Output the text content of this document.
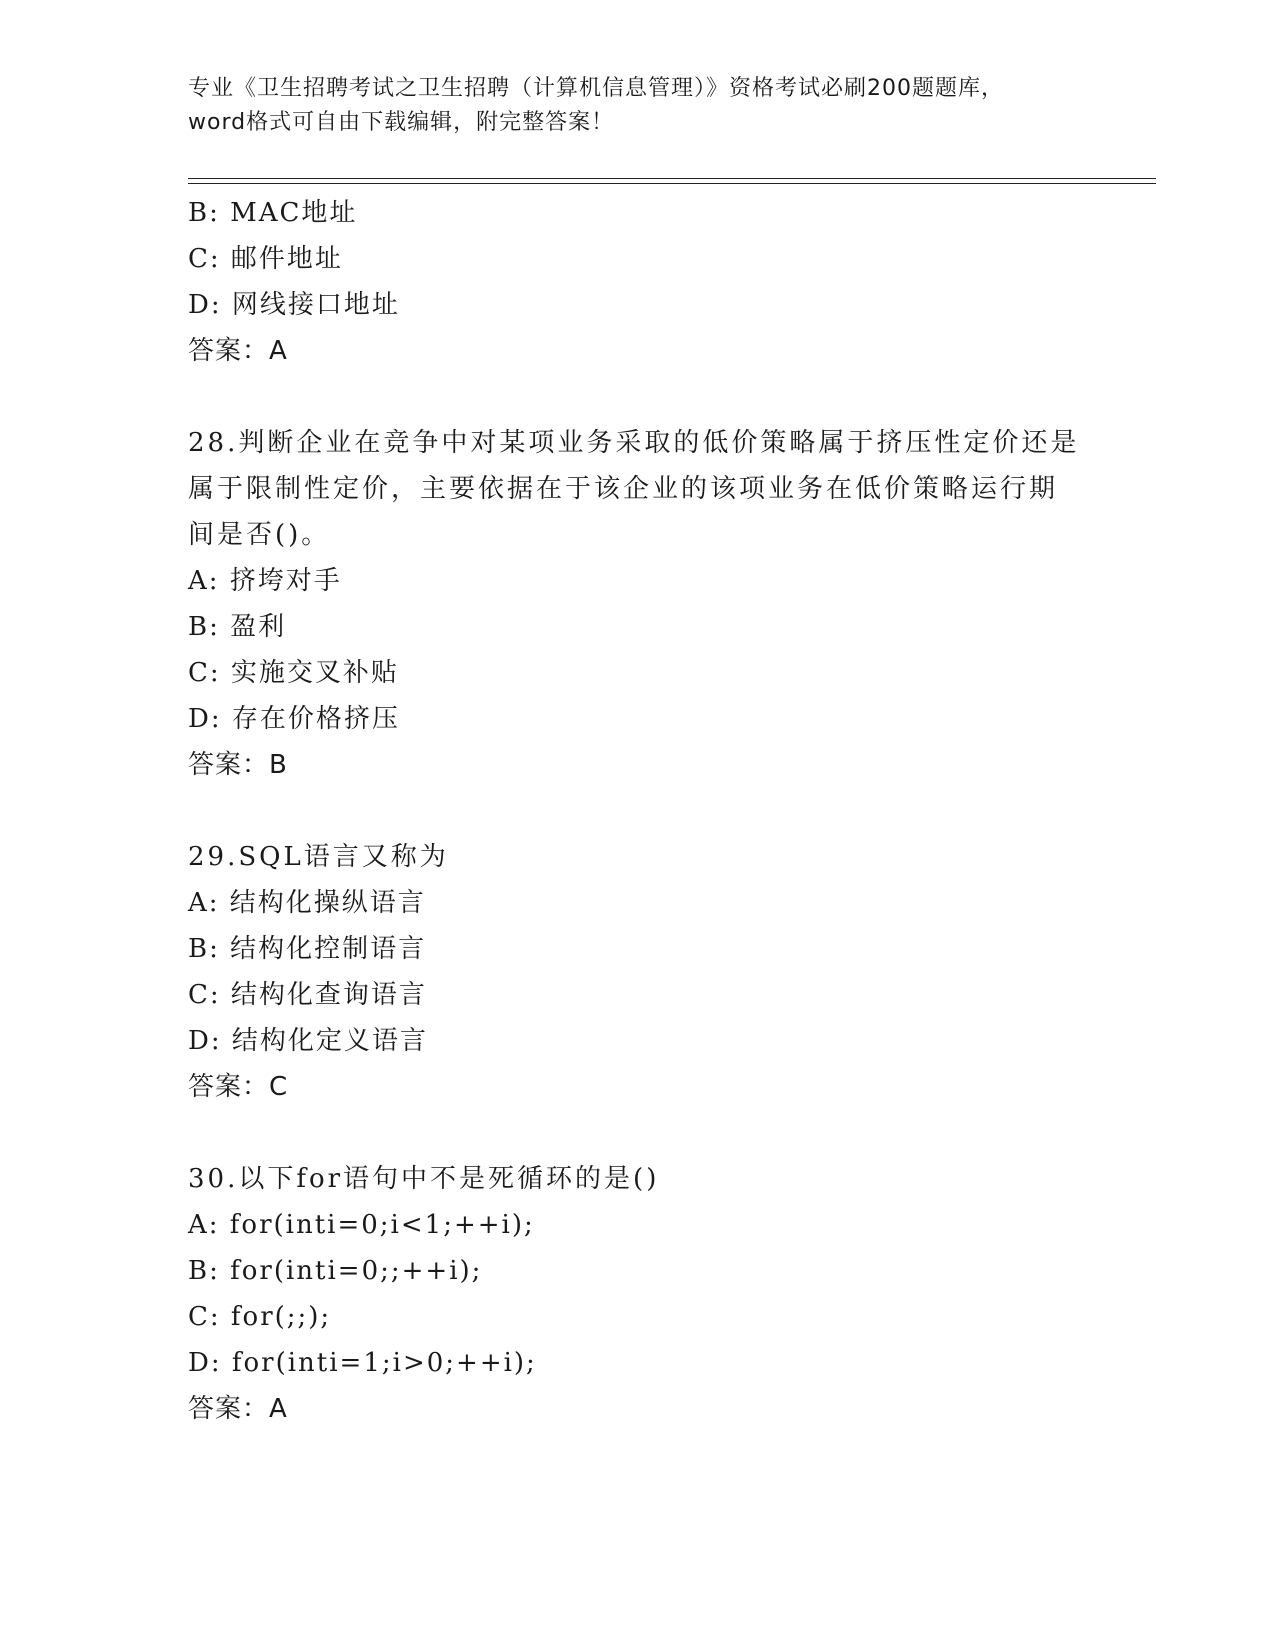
专业《卫生招聘考试之卫生招聘（计算机信息管理）》资格考试必刷200题题库，
word格式可自由下载编辑，附完整答案！
B: MAC地址
C: 邮件地址
D: 网线接口地址
答案：A
28.判断企业在竞争中对某项业务采取的低价策略属于挤压性定价还是
属于限制性定价，主要依据在于该企业的该项业务在低价策略运行期
间是否()。
A: 挤垮对手
B: 盈利
C: 实施交叉补贴
D: 存在价格挤压
答案：B
29.SQL语言又称为
A: 结构化操纵语言
B: 结构化控制语言
C: 结构化查询语言
D: 结构化定义语言
答案：C
30.以下for语句中不是死循环的是()
A: for(inti=0;i<1;++i);
B: for(inti=0;;++i);
C: for(;;);
D: for(inti=1;i>0;++i);
答案：A
